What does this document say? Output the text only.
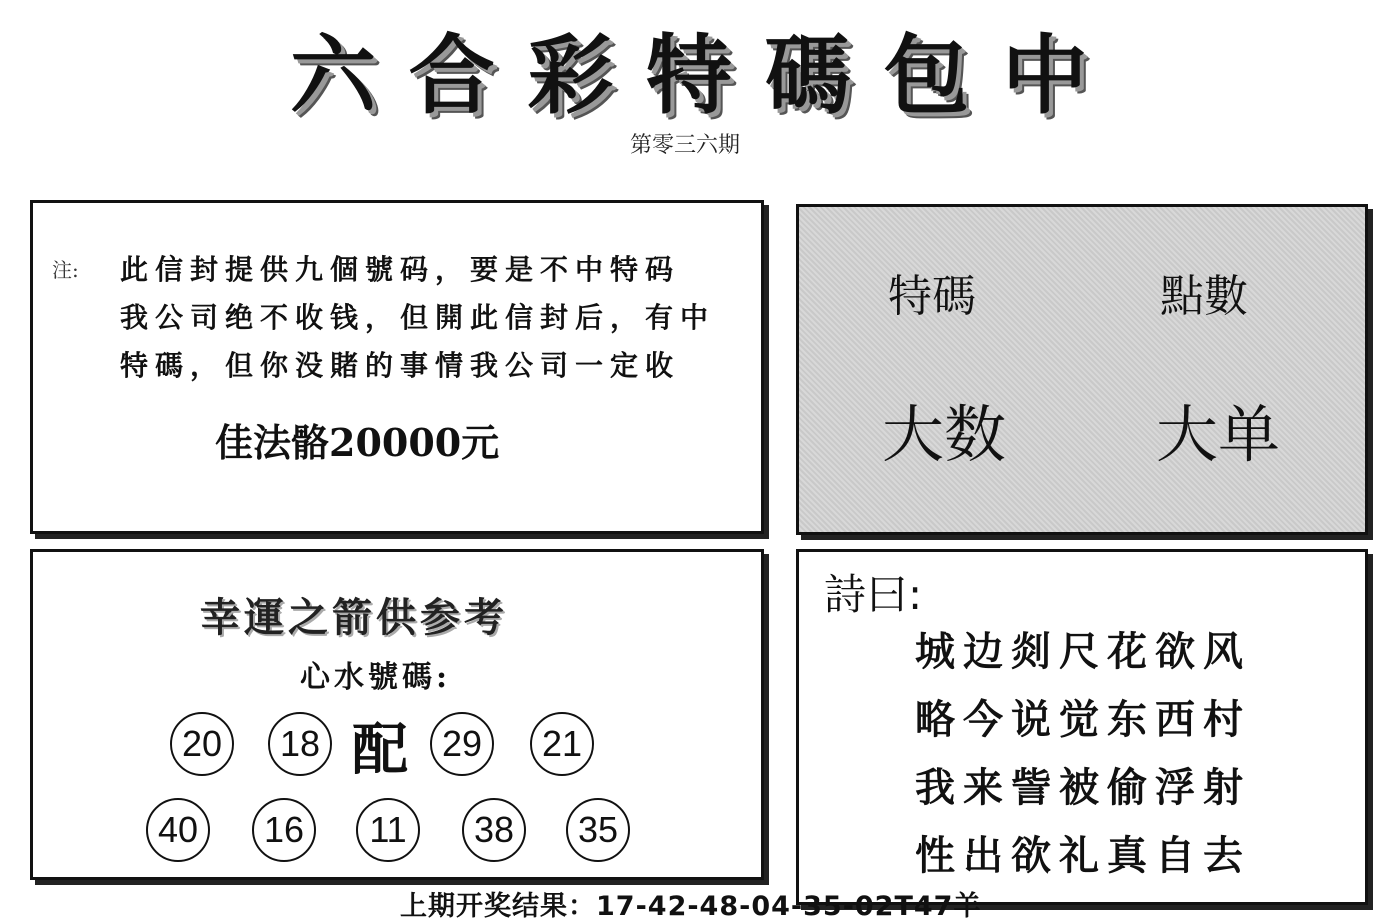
六 合 彩 特 碼 包 中
第零三六期
注: 此信封提供九個號码，要是不中特码
我公司绝不收钱，但開此信封后，有中
特碼，但你没賭的事情我公司一定收
佳法骼20000元
特碼	點數
大数 大单
幸運之箭供参考
心水號碼:
20	18 配 29	21
40	16	11	38	35
詩曰:
城边剡尺花欲风
略今说觉东西村
我来訾被偷浮射
性出欲礼真自去
上期开奖结果：17-42-48-04-35-02T47羊
